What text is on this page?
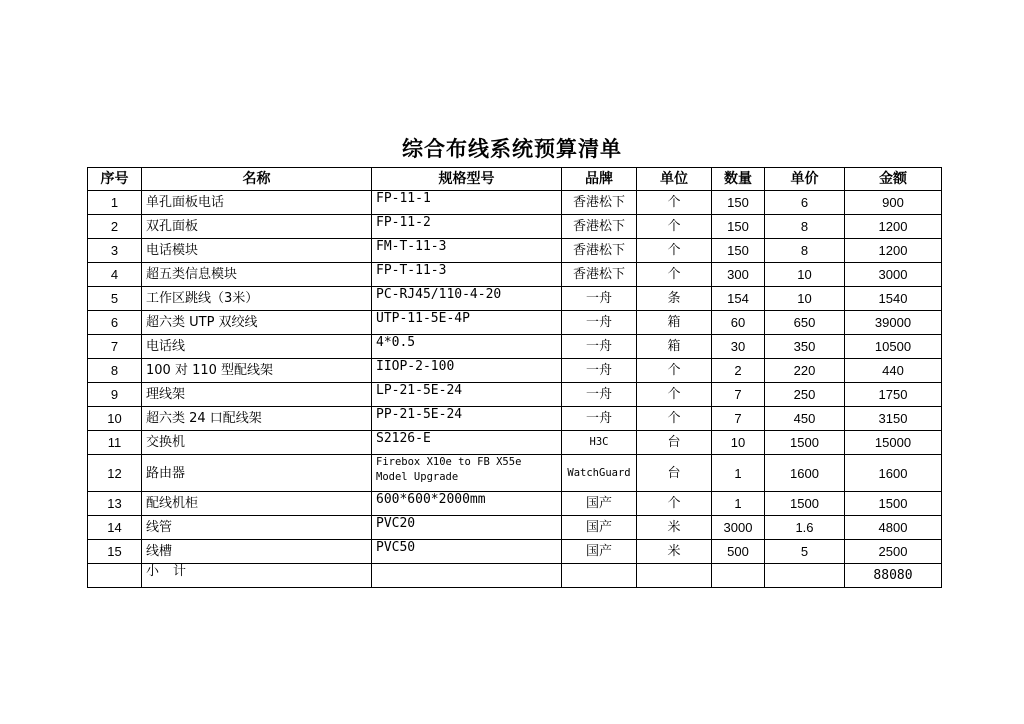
综合布线系统预算清单
序号	名称	规格型号	品牌	单位	数量	单价	金额
1	单孔面板电话	FP-11-1	香港松下	个	150	6	900
2	双孔面板	FP-11-2	香港松下	个	150	8	1200
3	电话模块	FM-T-11-3	香港松下	个	150	8	1200
4	超五类信息模块	FP-T-11-3	香港松下	个	300	10	3000
5	工作区跳线（3米）	PC-RJ45/110-4-20	一舟	条	154	10	1540
6	超六类 UTP 双绞线	UTP-11-5E-4P	一舟	箱	60	650	39000
7	电话线	4*0.5	一舟	箱	30	350	10500
8	100 对 110 型配线架	IIOP-2-100	一舟	个	2	220	440
9	理线架	LP-21-5E-24	一舟	个	7	250	1750
10	超六类 24 口配线架	PP-21-5E-24	一舟	个	7	450	3150
11	交换机	S2126-E	H3C	台	10	1500	15000
12	路由器	Firebox X10e to FB X55e Model Upgrade	WatchGuard	台	1	1600	1600
13	配线机柜	600*600*2000mm	国产	个	1	1500	1500
14	线管	PVC20	国产	米	3000	1.6	4800
15	线槽	PVC50	国产	米	500	5	2500
	小计						88080
